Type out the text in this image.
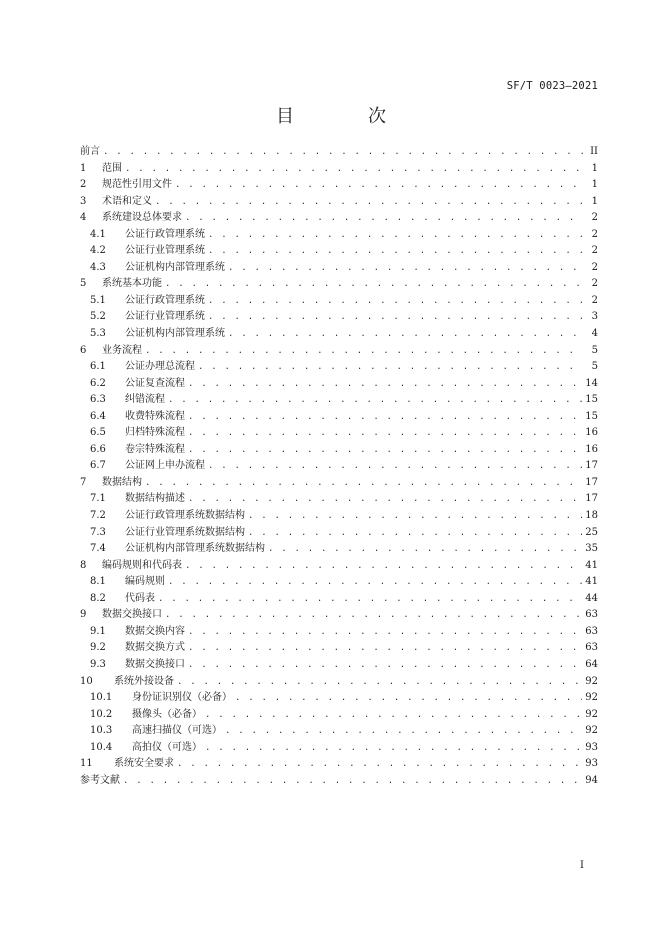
SF/T 0023—2021
目　次
前言 . . .	II
1	范围 . . .	1
2	规范性引用文件 . . .	1
3	术语和定义 . . .	1
4	系统建设总体要求 . . .	2
4.1	公证行政管理系统 . . .	2
4.2	公证行业管理系统 . . .	2
4.3	公证机构内部管理系统 . . .	2
5	系统基本功能 . . .	2
5.1	公证行政管理系统 . . .	2
5.2	公证行业管理系统 . . .	3
5.3	公证机构内部管理系统 . . .	4
6	业务流程 . . .	5
6.1	公证办理总流程 . . .	5
6.2	公证复查流程 . . .	14
6.3	纠错流程 . . .	15
6.4	收费特殊流程 . . .	15
6.5	归档特殊流程 . . .	16
6.6	卷宗特殊流程 . . .	16
6.7	公证网上申办流程 . . .	17
7	数据结构 . . .	17
7.1	数据结构描述 . . .	17
7.2	公证行政管理系统数据结构 . . .	18
7.3	公证行业管理系统数据结构 . . .	25
7.4	公证机构内部管理系统数据结构 . . .	35
8	编码规则和代码表 . . .	41
8.1	编码规则 . . .	41
8.2	代码表 . . .	44
9	数据交换接口 . . .	63
9.1	数据交换内容 . . .	63
9.2	数据交换方式 . . .	63
9.3	数据交换接口 . . .	64
10	系统外接设备 . . .	92
10.1	身份证识别仪（必备） . . .	92
10.2	摄像头（必备） . . .	92
10.3	高速扫描仪（可选） . . .	92
10.4	高拍仪（可选） . . .	93
11	系统安全要求 . . .	93
参考文献 . . .	94
I
